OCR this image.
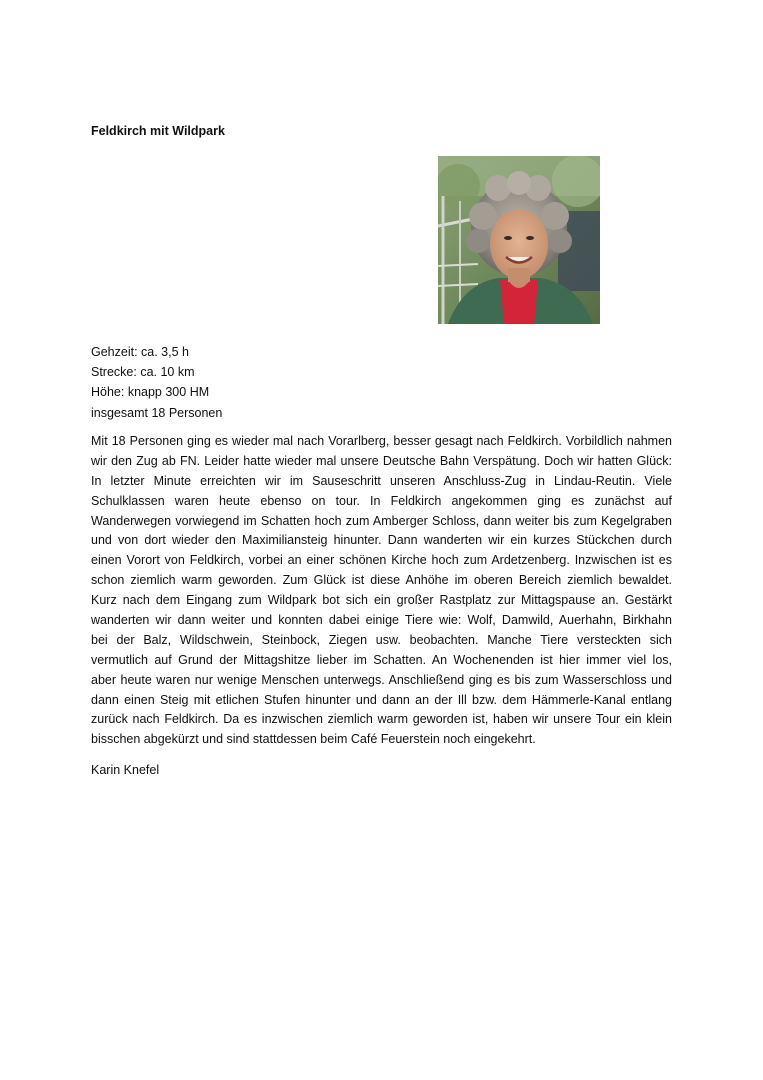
Feldkirch mit Wildpark

Gehzeit: ca. 3,5 h
Strecke: ca. 10 km
Höhe: knapp 300 HM
insgesamt 18 Personen
Mit 18 Personen ging es wieder mal nach Vorarlberg, besser gesagt nach Feldkirch. Vorbildlich nahmen
wir den Zug ab FN. Leider hatte wieder mal unsere Deutsche Bahn Verspätung. Doch wir hatten Glück:
In letzter Minute erreichten wir im Sauseschritt unseren Anschluss-Zug in Lindau-Reutin. Viele
Schulklassen waren heute ebenso on tour. In Feldkirch angekommen ging es zunächst auf
Wanderwegen vorwiegend im Schatten hoch zum Amberger Schloss, dann weiter bis zum Kegelgraben
und von dort wieder den Maximiliansteig hinunter. Dann wanderten wir ein kurzes Stückchen durch
einen Vorort von Feldkirch, vorbei an einer schönen Kirche hoch zum Ardetzenberg. Inzwischen ist es
schon ziemlich warm geworden. Zum Glück ist diese Anhöhe im oberen Bereich ziemlich bewaldet.
Kurz nach dem Eingang zum Wildpark bot sich ein großer Rastplatz zur Mittagspause an. Gestärkt
wanderten wir dann weiter und konnten dabei einige Tiere wie: Wolf, Damwild, Auerhahn, Birkhahn
bei der Balz, Wildschwein, Steinbock, Ziegen usw. beobachten. Manche Tiere versteckten sich
vermutlich auf Grund der Mittagshitze lieber im Schatten. An Wochenenden ist hier immer viel los,
aber heute waren nur wenige Menschen unterwegs. Anschließend ging es bis zum Wasserschloss und
dann einen Steig mit etlichen Stufen hinunter und dann an der Ill bzw. dem Hämmerle-Kanal entlang
zurück nach Feldkirch. Da es inzwischen ziemlich warm geworden ist, haben wir unsere Tour ein klein
bisschen abgekürzt und sind stattdessen beim Café Feuerstein noch eingekehrt.

Karin Knefel
